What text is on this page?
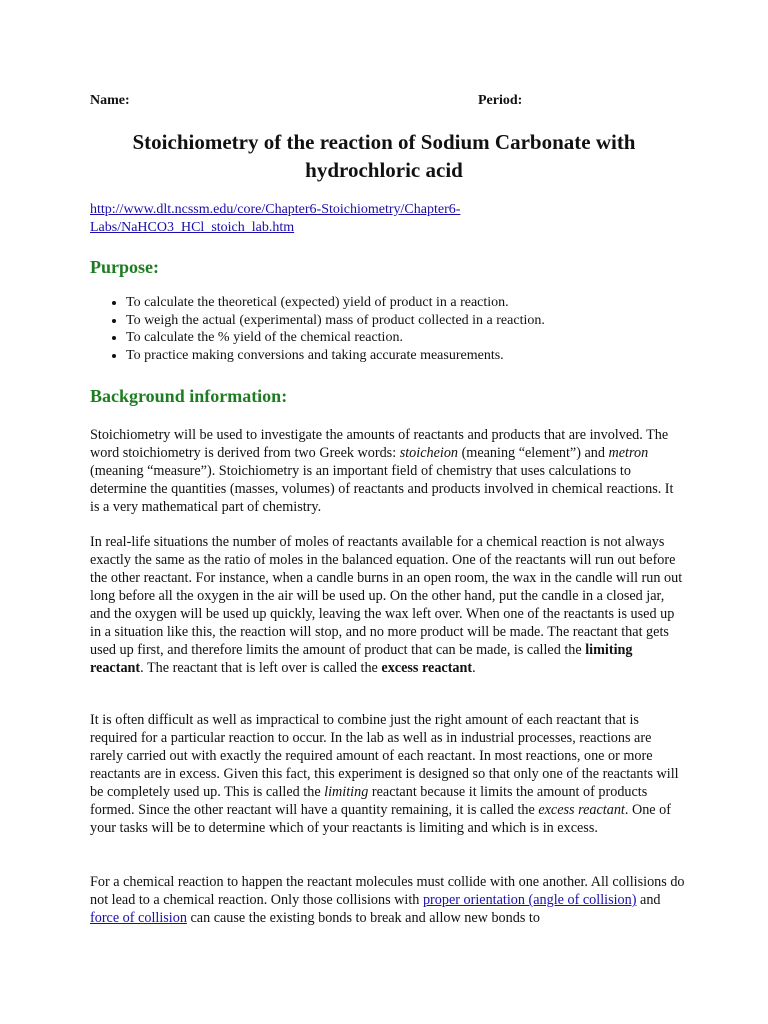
Name:	Period:
Stoichiometry of the reaction of Sodium Carbonate with
hydrochloric acid
http://www.dlt.ncssm.edu/core/Chapter6-Stoichiometry/Chapter6-
Labs/NaHCO3_HCl_stoich_lab.htm
Purpose:
• To calculate the theoretical (expected) yield of product in a reaction.
• To weigh the actual (experimental) mass of product collected in a reaction.
• To calculate the % yield of the chemical reaction.
• To practice making conversions and taking accurate measurements.
Background information:

Stoichiometry will be used to investigate the amounts of reactants and products that are involved. The word stoichiometry is derived from two Greek words: stoicheion (meaning “element”) and metron (meaning “measure”). Stoichiometry is an important field of chemistry that uses calculations to determine the quantities (masses, volumes) of reactants and products involved in chemical reactions. It is a very mathematical part of chemistry.

In real-life situations the number of moles of reactants available for a chemical reaction is not always exactly the same as the ratio of moles in the balanced equation. One of the reactants will run out before the other reactant. For instance, when a candle burns in an open room, the wax in the candle will run out long before all the oxygen in the air will be used up. On the other hand, put the candle in a closed jar, and the oxygen will be used up quickly, leaving the wax left over. When one of the reactants is used up in a situation like this, the reaction will stop, and no more product will be made. The reactant that gets used up first, and therefore limits the amount of product that can be made, is called the limiting reactant. The reactant that is left over is called the excess reactant.

It is often difficult as well as impractical to combine just the right amount of each reactant that is required for a particular reaction to occur. In the lab as well as in industrial processes, reactions are rarely carried out with exactly the required amount of each reactant. In most reactions, one or more reactants are in excess. Given this fact, this experiment is designed so that only one of the reactants will be completely used up. This is called the limiting reactant because it limits the amount of products formed. Since the other reactant will have a quantity remaining, it is called the excess reactant. One of your tasks will be to determine which of your reactants is limiting and which is in excess.

For a chemical reaction to happen the reactant molecules must collide with one another. All collisions do not lead to a chemical reaction. Only those collisions with proper orientation (angle of collision) and force of collision can cause the existing bonds to break and allow new bonds to
